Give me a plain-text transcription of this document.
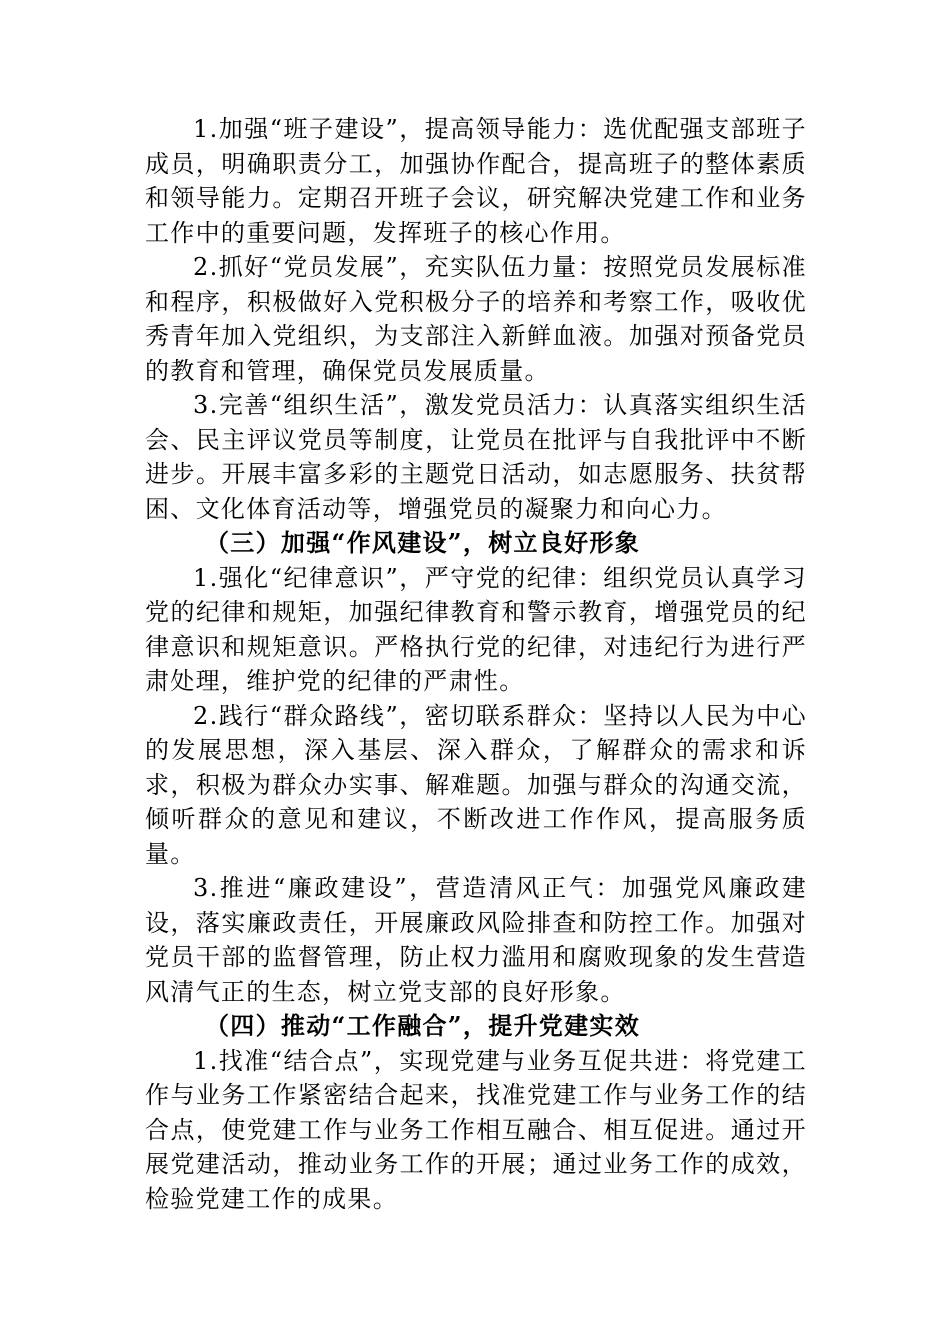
1.加强“班子建设”，提高领导能力：选优配强支部班子成员，明确职责分工，加强协作配合，提高班子的整体素质和领导能力。定期召开班子会议，研究解决党建工作和业务工作中的重要问题，发挥班子的核心作用。

2.抓好“党员发展”，充实队伍力量：按照党员发展标准和程序，积极做好入党积极分子的培养和考察工作，吸收优秀青年加入党组织，为支部注入新鲜血液。加强对预备党员的教育和管理，确保党员发展质量。

3.完善“组织生活”，激发党员活力：认真落实组织生活会、民主评议党员等制度，让党员在批评与自我批评中不断进步。开展丰富多彩的主题党日活动，如志愿服务、扶贫帮困、文化体育活动等，增强党员的凝聚力和向心力。

（三）加强“作风建设”，树立良好形象

1.强化“纪律意识”，严守党的纪律：组织党员认真学习党的纪律和规矩，加强纪律教育和警示教育，增强党员的纪律意识和规矩意识。严格执行党的纪律，对违纪行为进行严肃处理，维护党的纪律的严肃性。

2.践行“群众路线”，密切联系群众：坚持以人民为中心的发展思想，深入基层、深入群众，了解群众的需求和诉求，积极为群众办实事、解难题。加强与群众的沟通交流，倾听群众的意见和建议，不断改进工作作风，提高服务质量。

3.推进“廉政建设”，营造清风正气：加强党风廉政建设，落实廉政责任，开展廉政风险排查和防控工作。加强对党员干部的监督管理，防止权力滥用和腐败现象的发生营造风清气正的生态，树立党支部的良好形象。

（四）推动“工作融合”，提升党建实效

1.找准“结合点”，实现党建与业务互促共进：将党建工作与业务工作紧密结合起来，找准党建工作与业务工作的结合点，使党建工作与业务工作相互融合、相互促进。通过开展党建活动，推动业务工作的开展；通过业务工作的成效，检验党建工作的成果。
